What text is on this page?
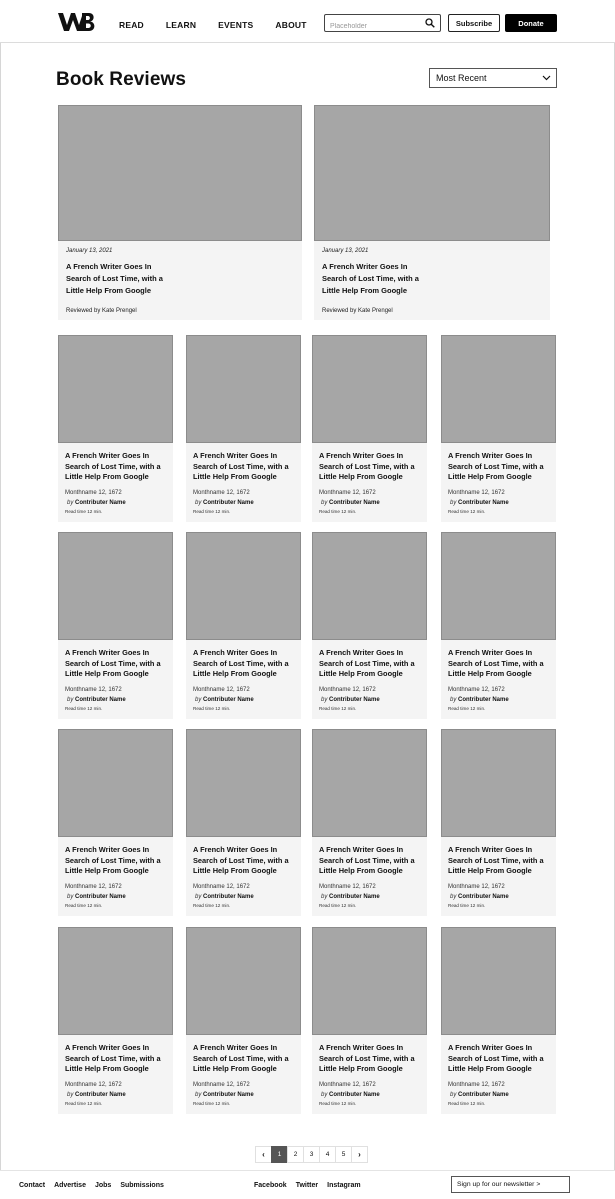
READ	LEARN	EVENTS	ABOUT
Placeholder	Subscribe	Donate
Book Reviews	Most Recent
January 13, 2021
A French Writer Goes In Search of Lost Time, with a Little Help From Google
Reviewed by Kate Prengel
January 13, 2021
A French Writer Goes In Search of Lost Time, with a Little Help From Google
Reviewed by Kate Prengel
A French Writer Goes In Search of Lost Time, with a Little Help From Google
Monthname 12, 1672
by Contributer Name
Read time 12 min.
A French Writer Goes In Search of Lost Time, with a Little Help From Google
Monthname 12, 1672
by Contributer Name
Read time 12 min.
A French Writer Goes In Search of Lost Time, with a Little Help From Google
Monthname 12, 1672
by Contributer Name
Read time 12 min.
A French Writer Goes In Search of Lost Time, with a Little Help From Google
Monthname 12, 1672
by Contributer Name
Read time 12 min.
A French Writer Goes In Search of Lost Time, with a Little Help From Google
Monthname 12, 1672
by Contributer Name
Read time 12 min.
A French Writer Goes In Search of Lost Time, with a Little Help From Google
Monthname 12, 1672
by Contributer Name
Read time 12 min.
A French Writer Goes In Search of Lost Time, with a Little Help From Google
Monthname 12, 1672
by Contributer Name
Read time 12 min.
A French Writer Goes In Search of Lost Time, with a Little Help From Google
Monthname 12, 1672
by Contributer Name
Read time 12 min.
A French Writer Goes In Search of Lost Time, with a Little Help From Google
Monthname 12, 1672
by Contributer Name
Read time 12 min.
A French Writer Goes In Search of Lost Time, with a Little Help From Google
Monthname 12, 1672
by Contributer Name
Read time 12 min.
A French Writer Goes In Search of Lost Time, with a Little Help From Google
Monthname 12, 1672
by Contributer Name
Read time 12 min.
A French Writer Goes In Search of Lost Time, with a Little Help From Google
Monthname 12, 1672
by Contributer Name
Read time 12 min.
A French Writer Goes In Search of Lost Time, with a Little Help From Google
Monthname 12, 1672
by Contributer Name
Read time 12 min.
A French Writer Goes In Search of Lost Time, with a Little Help From Google
Monthname 12, 1672
by Contributer Name
Read time 12 min.
A French Writer Goes In Search of Lost Time, with a Little Help From Google
Monthname 12, 1672
by Contributer Name
Read time 12 min.
A French Writer Goes In Search of Lost Time, with a Little Help From Google
Monthname 12, 1672
by Contributer Name
Read time 12 min.
‹	1	2	3	4	5	›
Contact Advertise Jobs Submissions	Facebook Twitter Instagram	Sign up for our newsletter >
